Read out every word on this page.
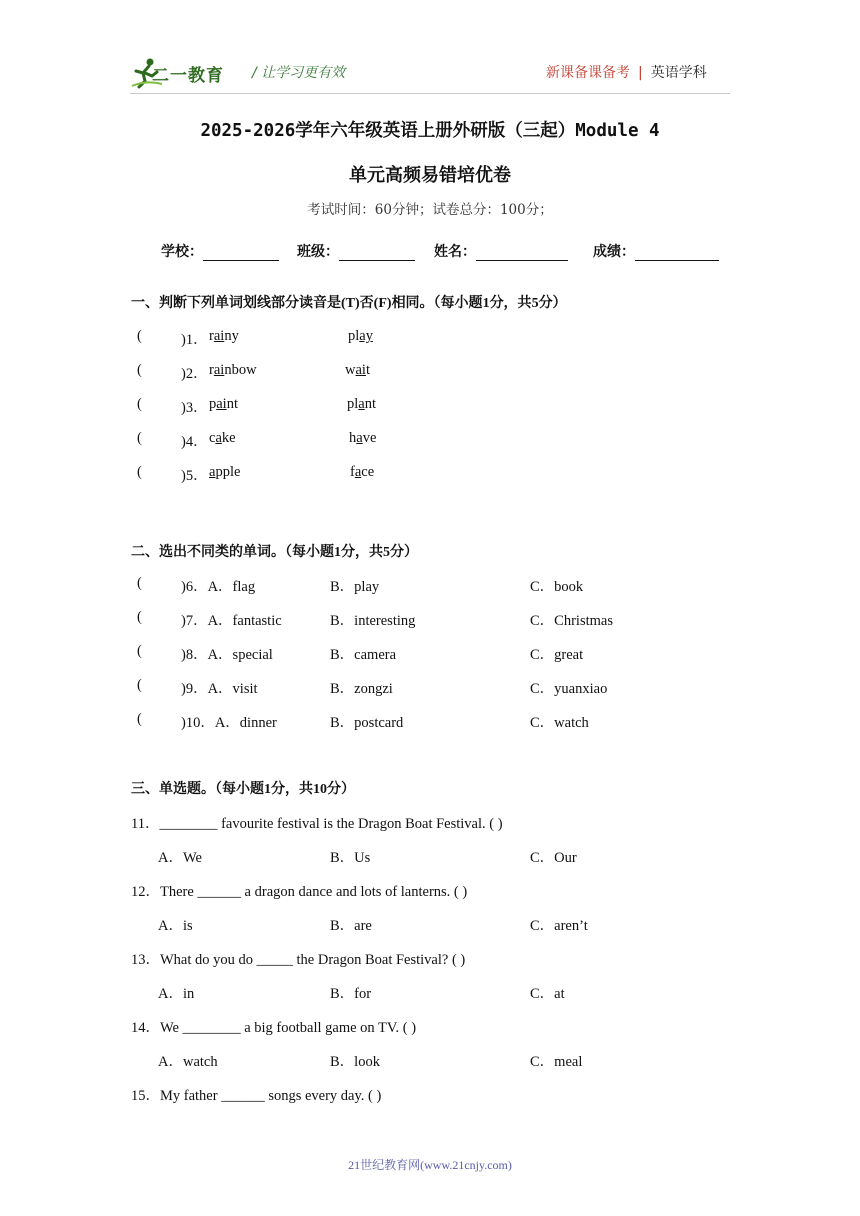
二一教育 / 让学习更有效	新课备课备考 | 英语学科
2025-2026学年六年级英语上册外研版（三起）Module 4
单元高频易错培优卷
考试时间：60分钟；试卷总分：100分；
学校：	班级：	姓名：	成绩：
一、判断下列单词划线部分读音是(T)否(F)相同。（每小题1分，共5分）
二、选出不同类的单词。（每小题1分，共5分）
三、单选题。（每小题1分，共10分）
21世纪教育网(www.21cnjy.com)
(	)1． rainy	play
(	)2． rainbow	wait
(	)3． paint	plant
(	)4． cake	have
(	)5． apple	face
(	)6．A．flag	B．play	C．book
(	)7．A．fantastic	B．interesting	C．Christmas
(	)8．A．special	B．camera	C．great
(	)9．A．visit	B．zongzi	C．yuanxiao
(	)10．A．dinner	B．postcard	C．watch
11．________ favourite festival is the Dragon Boat Festival. ( )
A．We	B．Us	C．Our
12．There ______ a dragon dance and lots of lanterns. ( )
A．is	B．are	C．aren’t
13．What do you do _____ the Dragon Boat Festival? ( )
A．in	B．for	C．at
14．We ________ a big football game on TV. ( )
A．watch	B．look	C．meal
15．My father ______ songs every day. ( )
